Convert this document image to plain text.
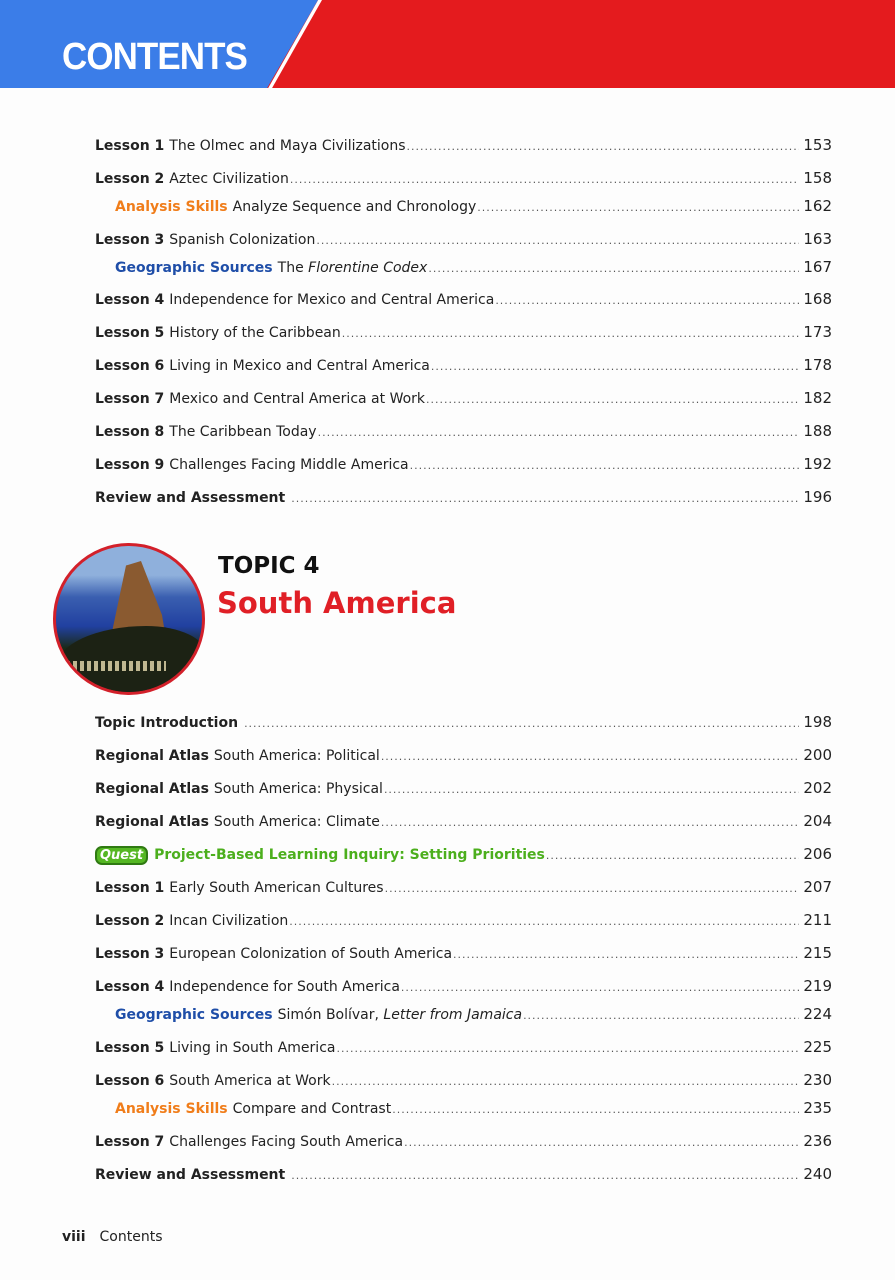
CONTENTS
TOPIC 4
South America
Lesson 1 The Olmec and Maya Civilizations .....	153
Lesson 2 Aztec Civilization .....	158
Analysis Skills Analyze Sequence and Chronology .....	162
Lesson 3 Spanish Colonization .....	163
Geographic Sources The Florentine Codex .....	167
Lesson 4 Independence for Mexico and Central America .....	168
Lesson 5 History of the Caribbean .....	173
Lesson 6 Living in Mexico and Central America .....	178
Lesson 7 Mexico and Central America at Work .....	182
Lesson 8 The Caribbean Today .....	188
Lesson 9 Challenges Facing Middle America .....	192
Review and Assessment .....	196
Topic Introduction .....	198
Regional Atlas South America: Political .....	200
Regional Atlas South America: Physical .....	202
Regional Atlas South America: Climate .....	204
Quest Project-Based Learning Inquiry: Setting Priorities .....	206
Lesson 1 Early South American Cultures .....	207
Lesson 2 Incan Civilization .....	211
Lesson 3 European Colonization of South America .....	215
Lesson 4 Independence for South America .....	219
Geographic Sources Simón Bolívar, Letter from Jamaica .....	224
Lesson 5 Living in South America .....	225
Lesson 6 South America at Work .....	230
Analysis Skills Compare and Contrast .....	235
Lesson 7 Challenges Facing South America .....	236
Review and Assessment .....	240
viii Contents
